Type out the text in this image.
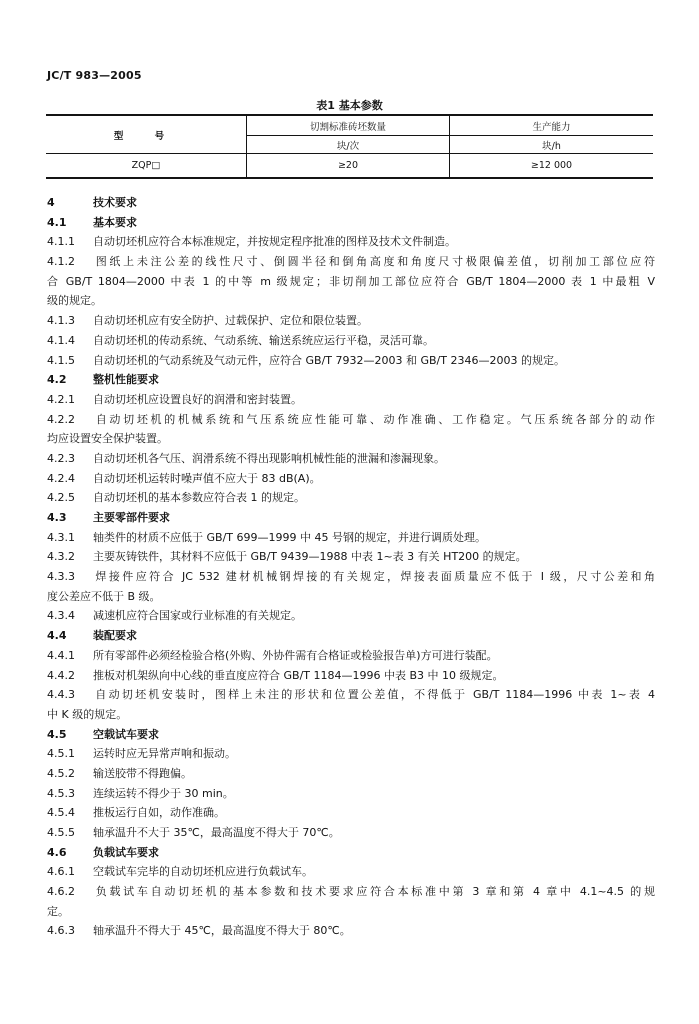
JC/T 983—2005
表1 基本参数
型 号	切割标准砖坯数量	生产能力
	块/次	块/h
ZQP□	≥20	≥12 000
4	技术要求
4.1 基本要求
4.1.1 自动切坯机应符合本标准规定，并按规定程序批准的图样及技术文件制造。
4.1.2 图纸上未注公差的线性尺寸、倒圆半径和倒角高度和角度尺寸极限偏差值，切削加工部位应符
合 GB/T 1804—2000 中表 1 的中等 m 级规定；非切削加工部位应符合 GB/T 1804—2000 表 1 中最粗 V
级的规定。
4.1.3 自动切坯机应有安全防护、过载保护、定位和限位装置。
4.1.4 自动切坯机的传动系统、气动系统、输送系统应运行平稳，灵活可靠。
4.1.5 自动切坯机的气动系统及气动元件，应符合 GB/T 7932—2003 和 GB/T 2346—2003 的规定。
4.2 整机性能要求
4.2.1 自动切坯机应设置良好的润滑和密封装置。
4.2.2 自动切坯机的机械系统和气压系统应性能可靠、动作准确、工作稳定。气压系统各部分的动作
均应设置安全保护装置。
4.2.3 自动切坯机各气压、润滑系统不得出现影响机械性能的泄漏和渗漏现象。
4.2.4 自动切坯机运转时噪声值不应大于 83 dB(A)。
4.2.5 自动切坯机的基本参数应符合表 1 的规定。
4.3 主要零部件要求
4.3.1 轴类件的材质不应低于 GB/T 699—1999 中 45 号钢的规定，并进行调质处理。
4.3.2 主要灰铸铁件，其材料不应低于 GB/T 9439—1988 中表 1~表 3 有关 HT200 的规定。
4.3.3 焊接件应符合 JC 532 建材机械钢焊接的有关规定，焊接表面质量应不低于 I 级，尺寸公差和角
度公差应不低于 B 级。
4.3.4 减速机应符合国家或行业标准的有关规定。
4.4 装配要求
4.4.1 所有零部件必须经检验合格(外购、外协件需有合格证或检验报告单)方可进行装配。
4.4.2 推板对机架纵向中心线的垂直度应符合 GB/T 1184—1996 中表 B3 中 10 级规定。
4.4.3 自动切坯机安装时，图样上未注的形状和位置公差值，不得低于 GB/T 1184—1996 中表 1~表 4
中 K 级的规定。
4.5 空载试车要求
4.5.1 运转时应无异常声响和振动。
4.5.2 输送胶带不得跑偏。
4.5.3 连续运转不得少于 30 min。
4.5.4 推板运行自如，动作准确。
4.5.5 轴承温升不大于 35℃，最高温度不得大于 70℃。
4.6 负载试车要求
4.6.1 空载试车完毕的自动切坯机应进行负载试车。
4.6.2 负载试车自动切坯机的基本参数和技术要求应符合本标准中第 3 章和第 4 章中 4.1~4.5 的规
定。
4.6.3 轴承温升不得大于 45℃，最高温度不得大于 80℃。
